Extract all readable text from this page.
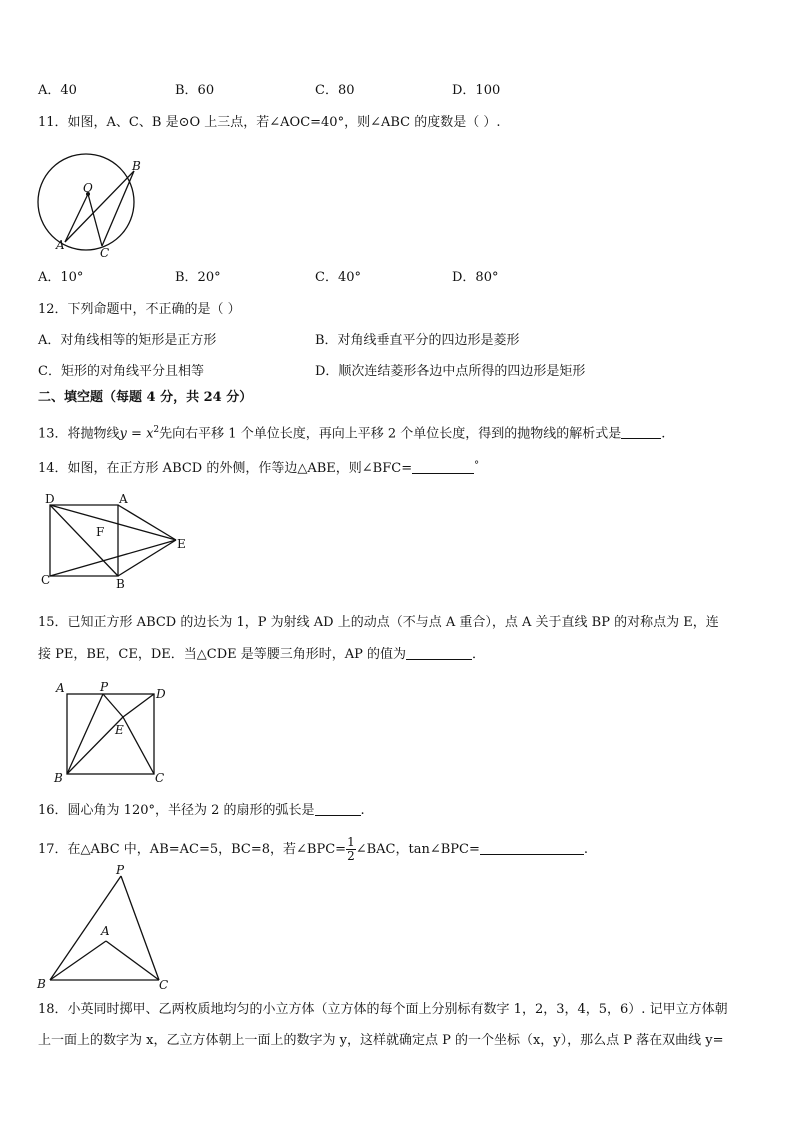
A．40	B．60	C．80	D．100
11．如图，A、C、B 是⊙O 上三点，若∠AOC=40°，则∠ABC 的度数是（ ）.
B
O
A
C
A．10°	B．20°	C．40°	D．80°
12．下列命题中，不正确的是（ ）
A．对角线相等的矩形是正方形	B．对角线垂直平分的四边形是菱形
C．矩形的对角线平分且相等	D．顺次连结菱形各边中点所得的四边形是矩形
二、填空题（每题 4 分，共 24 分）
13．将抛物线$y = x^2$先向右平移 1 个单位长度，再向上平移 2 个单位长度，得到的抛物线的解析式是	.
14．如图，在正方形 ABCD 的外侧，作等边△ABE，则∠BFC=	°
D	A
F
E
C	B
15．已知正方形 ABCD 的边长为 1，P 为射线 AD 上的动点（不与点 A 重合），点 A 关于直线 BP 的对称点为 E，连
接 PE，BE，CE，DE．当△CDE 是等腰三角形时，AP 的值为	．
A	P	D
E
B	C
16．圆心角为 120°，半径为 2 的扇形的弧长是	.
17．在△ABC 中，AB=AC=5，BC=8，若∠BPC= $\frac{1}{2}$ ∠BAC，tan∠BPC=	.
P
A
B	C
18．小英同时掷甲、乙两枚质地均匀的小立方体（立方体的每个面上分别标有数字 1，2，3，4，5，6）. 记甲立方体朝
上一面上的数字为 x，乙立方体朝上一面上的数字为 y，这样就确定点 P 的一个坐标（x，y），那么点 P 落在双曲线 y=
